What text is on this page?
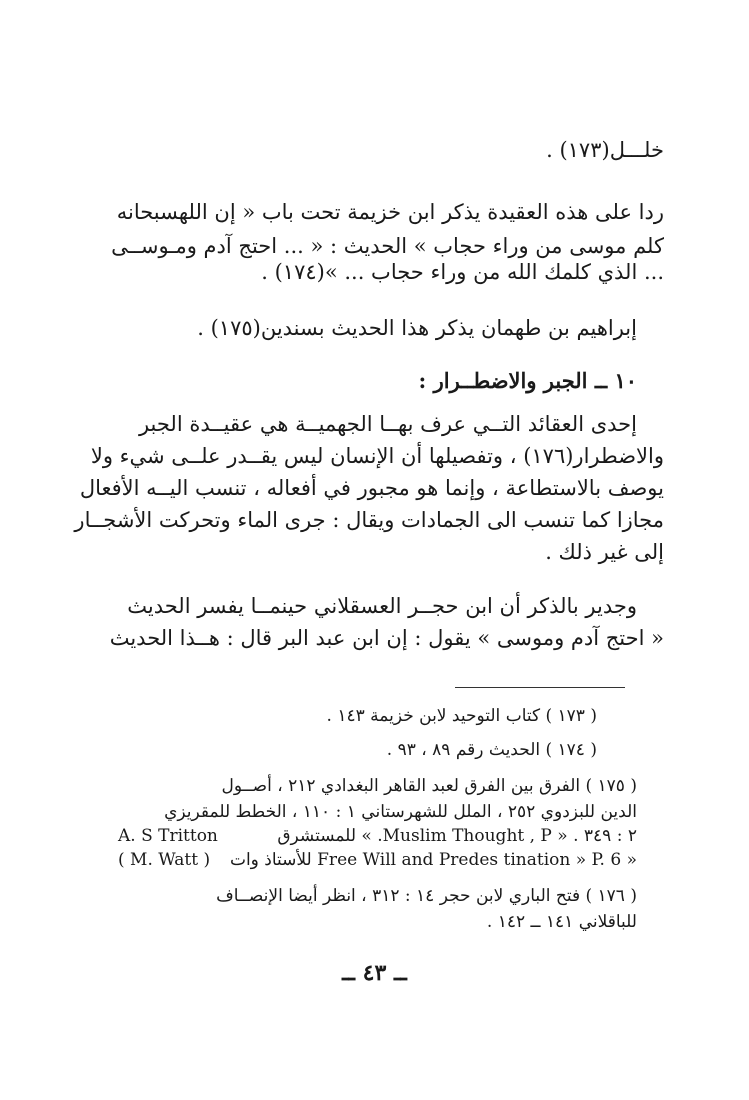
خلـــل(١٧٣) .
ردا على هذه العقيدة يذكر ابن خزيمة تحت باب « إن اللهسبحانه
كلم موسى من وراء حجاب » الحديث : « ... احتج آدم ومـوســى
... الذي كلمك الله من وراء حجاب ... »(١٧٤) .
إبراهيم بن طهمان يذكر هذا الحديث بسندين(١٧٥) .
١٠ ــ الجبر والاضطــرار :
إحدى العقائد التــي عرف بهــا الجهميــة هي عقيــدة الجبر
والاضطرار(١٧٦) ، وتفصيلها أن الإنسان ليس يقــدر علــى شيء ولا
يوصف بالاستطاعة ، وإنما هو مجبور في أفعاله ، تنسب اليــه الأفعال
مجازا كما تنسب الى الجمادات ويقال : جرى الماء وتحركت الأشجــار
إلى غير ذلك .
وجدير بالذكر أن ابن حجــر العسقلاني حينمــا يفسر الحديث
« احتج آدم وموسى » يقول : إن ابن عبد البر قال : هــذا الحديث
( ١٧٣ ) كتاب التوحيد لابن خزيمة ١٤٣ .
( ١٧٤ ) الحديث رقم ٨٩ ، ٩٣ .
( ١٧٥ ) الفرق بين الفرق لعبد القاهر البغدادي ٢١٢ ، أصــول
الدين للبزدوي ٢٥٢ ، الملل للشهرستاني ١ : ١١٠ ، الخطط للمقريزي
٢ : ٣٤٩ . « Muslim Thought , P. » للمستشرق
A. S Tritton
« Free Will and Predes tination » P. 6 للأستاذ وات
( M. Watt )
( ١٧٦ ) فتح الباري لابن حجر ١٤ : ٣١٢ ، انظر أيضا الإنصــاف
للباقلاني ١٤١ ــ ١٤٢ .
ــ ٤٣ ــ
